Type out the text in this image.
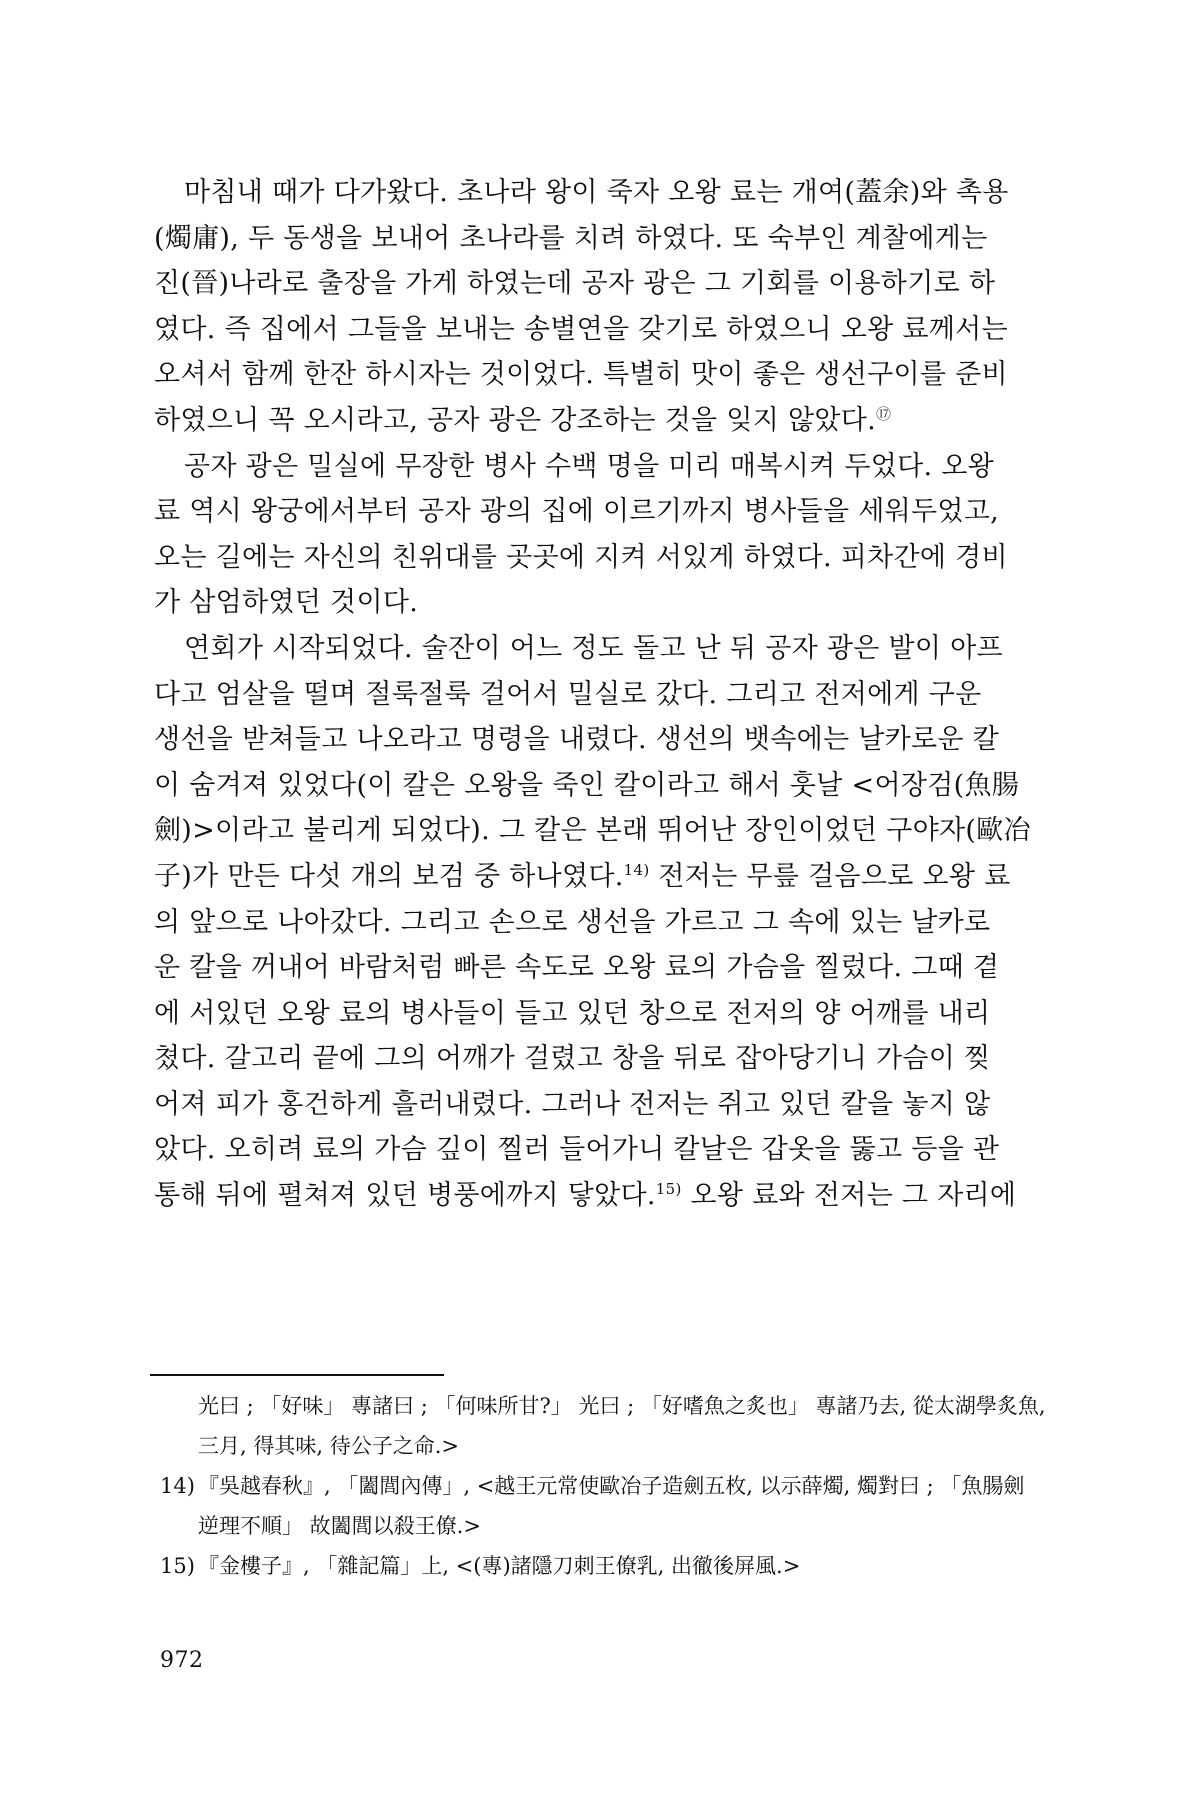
마침내 때가 다가왔다. 초나라 왕이 죽자 오왕 료는 개여(蓋余)와 촉용
(燭庸), 두 동생을 보내어 초나라를 치려 하였다. 또 숙부인 계찰에게는
진(晉)나라로 출장을 가게 하였는데 공자 광은 그 기회를 이용하기로 하
였다. 즉 집에서 그들을 보내는 송별연을 갖기로 하였으니 오왕 료께서는
오셔서 함께 한잔 하시자는 것이었다. 특별히 맛이 좋은 생선구이를 준비
하였으니 꼭 오시라고, 공자 광은 강조하는 것을 잊지 않았다.⑰
공자 광은 밀실에 무장한 병사 수백 명을 미리 매복시켜 두었다. 오왕
료 역시 왕궁에서부터 공자 광의 집에 이르기까지 병사들을 세워두었고,
오는 길에는 자신의 친위대를 곳곳에 지켜 서있게 하였다. 피차간에 경비
가 삼엄하였던 것이다.
연회가 시작되었다. 술잔이 어느 정도 돌고 난 뒤 공자 광은 발이 아프
다고 엄살을 떨며 절룩절룩 걸어서 밀실로 갔다. 그리고 전저에게 구운
생선을 받쳐들고 나오라고 명령을 내렸다. 생선의 뱃속에는 날카로운 칼
이 숨겨져 있었다(이 칼은 오왕을 죽인 칼이라고 해서 훗날 <어장검(魚腸
劍)>이라고 불리게 되었다). 그 칼은 본래 뛰어난 장인이었던 구야자(歐冶
子)가 만든 다섯 개의 보검 중 하나였다.$^{14)}$ 전저는 무릎 걸음으로 오왕 료
의 앞으로 나아갔다. 그리고 손으로 생선을 가르고 그 속에 있는 날카로
운 칼을 꺼내어 바람처럼 빠른 속도로 오왕 료의 가슴을 찔렀다. 그때 곁
에 서있던 오왕 료의 병사들이 들고 있던 창으로 전저의 양 어깨를 내리
쳤다. 갈고리 끝에 그의 어깨가 걸렸고 창을 뒤로 잡아당기니 가슴이 찢
어져 피가 홍건하게 흘러내렸다. 그러나 전저는 쥐고 있던 칼을 놓지 않
았다. 오히려 료의 가슴 깊이 찔러 들어가니 칼날은 갑옷을 뚫고 등을 관
통해 뒤에 펼쳐져 있던 병풍에까지 닿았다.$^{15)}$ 오왕 료와 전저는 그 자리에
光曰 ; 「好味」 專諸曰 ; 「何味所甘?」 光曰 ; 「好嗜魚之炙也」 專諸乃去, 從太湖學炙魚,
三月, 得其味, 待公子之命.>
14) 『吳越春秋』, 「闔閭內傳」, <越王元常使歐冶子造劍五枚, 以示薛燭, 燭對曰 ; 「魚腸劍
逆理不順」 故闔閭以殺王僚.>
15) 『金樓子』, 「雜記篇」上, <(專)諸隱刀刺王僚乳, 出徹後屏風.>
972
